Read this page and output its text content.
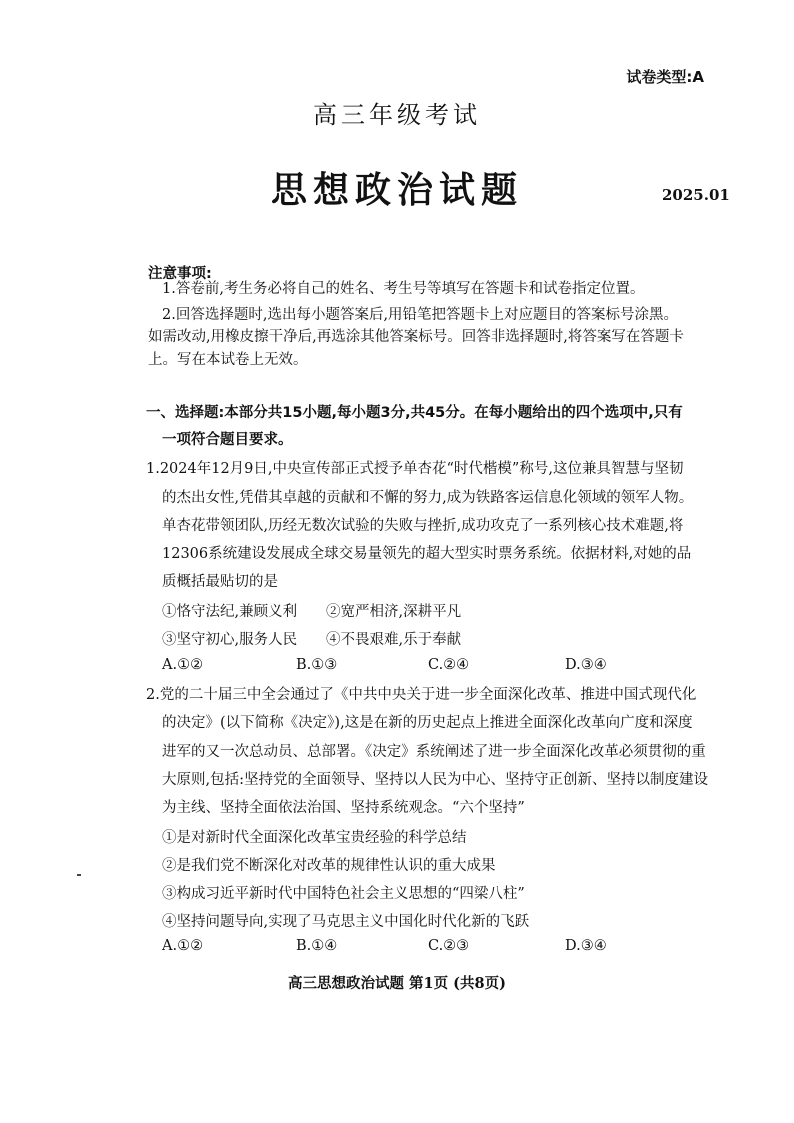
试卷类型:A
高三年级考试
思想政治试题	2025.01
注意事项:
1.答卷前,考生务必将自己的姓名、考生号等填写在答题卡和试卷指定位置。
2.回答选择题时,选出每小题答案后,用铅笔把答题卡上对应题目的答案标号涂黑。
如需改动,用橡皮擦干净后,再选涂其他答案标号。回答非选择题时,将答案写在答题卡
上。写在本试卷上无效。
一、选择题:本部分共15小题,每小题3分,共45分。在每小题给出的四个选项中,只有
一项符合题目要求。
1.2024年12月9日,中央宣传部正式授予单杏花“时代楷模”称号,这位兼具智慧与坚韧
的杰出女性,凭借其卓越的贡献和不懈的努力,成为铁路客运信息化领域的领军人物。
单杏花带领团队,历经无数次试验的失败与挫折,成功攻克了一系列核心技术难题,将
12306系统建设发展成全球交易量领先的超大型实时票务系统。依据材料,对她的品
质概括最贴切的是
①恪守法纪,兼顾义利 ②宽严相济,深耕平凡
③坚守初心,服务人民 ④不畏艰难,乐于奉献
A.①②	B.①③	C.②④	D.③④
2.党的二十届三中全会通过了《中共中央关于进一步全面深化改革、推进中国式现代化
的决定》(以下简称《决定》),这是在新的历史起点上推进全面深化改革向广度和深度
进军的又一次总动员、总部署。《决定》系统阐述了进一步全面深化改革必须贯彻的重
大原则,包括:坚持党的全面领导、坚持以人民为中心、坚持守正创新、坚持以制度建设
为主线、坚持全面依法治国、坚持系统观念。“六个坚持”
①是对新时代全面深化改革宝贵经验的科学总结
②是我们党不断深化对改革的规律性认识的重大成果
③构成习近平新时代中国特色社会主义思想的“四梁八柱”
④坚持问题导向,实现了马克思主义中国化时代化新的飞跃
A.①②	B.①④	C.②③	D.③④
高三思想政治试题 第1页 (共8页)
